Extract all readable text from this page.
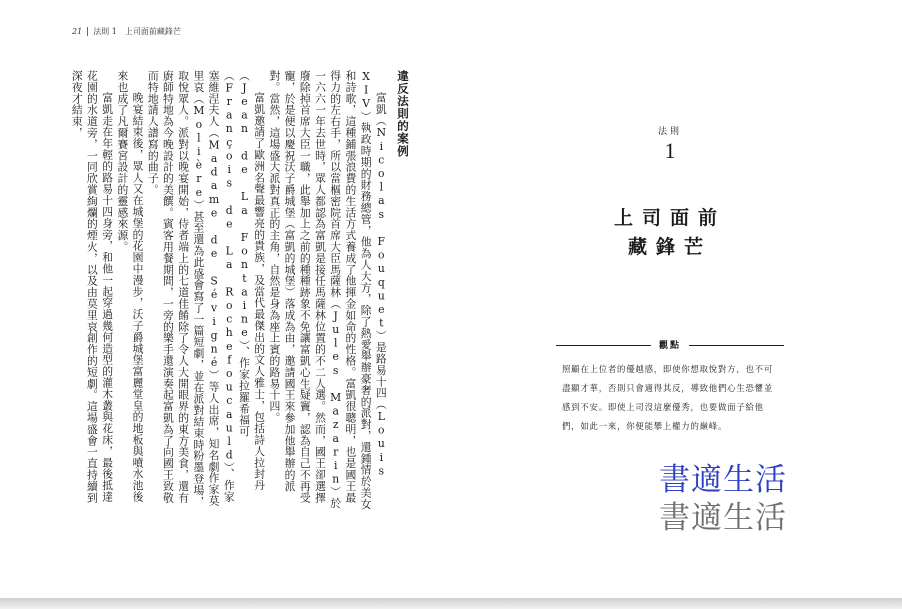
21 法則 1　上司面前藏鋒芒
違反法則的案例

富凱（Nicolas Fouquet）是路易十四（Louis XIV）執政時期的財務總管，他為人大方，除了熱愛舉辦豪奢的派對，還鍾情於美女和詩歌，這種鋪張浪費的生活方式養成了他揮金如命的性格。富凱很聰明，也是國王最得力的左右手，所以當樞密院首席大臣馬薩林（Jules Mazarin）於一六六一年去世時，眾人都認為富凱是接任馬薩林位置的不二人選。然而，國王卻選擇廢除掉首席大臣一職，此舉加上之前的種種跡象不免讓富凱心生疑竇，認為自己不再受寵，於是便以慶祝沃子爵城堡（富凱的城堡）落成為由，邀請國王來參加他舉辦的派對。當然，這場盛大派對真正的主角，自然是身為座上賓的路易十四。

富凱邀請了歐洲名聲最響亮的貴族，及當代最傑出的文人雅士，包括詩人拉封丹（Jean de La Fontaine）、作家拉羅希福可（François de La Rochefoucauld）、作家塞維涅夫人（Madame de Sévigné）等人出席，知名劇作家莫里哀（Molière）甚至還為此盛會寫了一篇短劇，並在派對結束時粉墨登場，取悅眾人。派對以晚宴開始，侍者端上的七道佳餚除了令人大開眼界的東方美食，還有廚師特地為今晚設計的美饌。賓客用餐期間，一旁的樂手還演奏起富凱為了向國王致敬而特地請人譜寫的曲子。

晚宴結束後，眾人又在城堡的花園中漫步，沃子爵城堡富麗堂皇的地板與噴水池後來也成了凡爾賽宮設計的靈感來源。

富凱走在年輕的路易十四身旁，和他一起穿過幾何造型的灌木叢與花床，最後抵達花園的水道旁，一同欣賞絢爛的煙火，以及由莫里哀創作的短劇。這場盛會一直持續到深夜才結束，	法則
1
上司面前
藏鋒芒
觀點
照顧在上位者的優越感，即使你想取悅對方，也不可盡顯才華，否則只會適得其反，導致他們心生恐懼並感到不安。即使上司沒這麼優秀，也要做面子給他們，如此一來，你便能攀上權力的巔峰。
書適生活
書適生活
